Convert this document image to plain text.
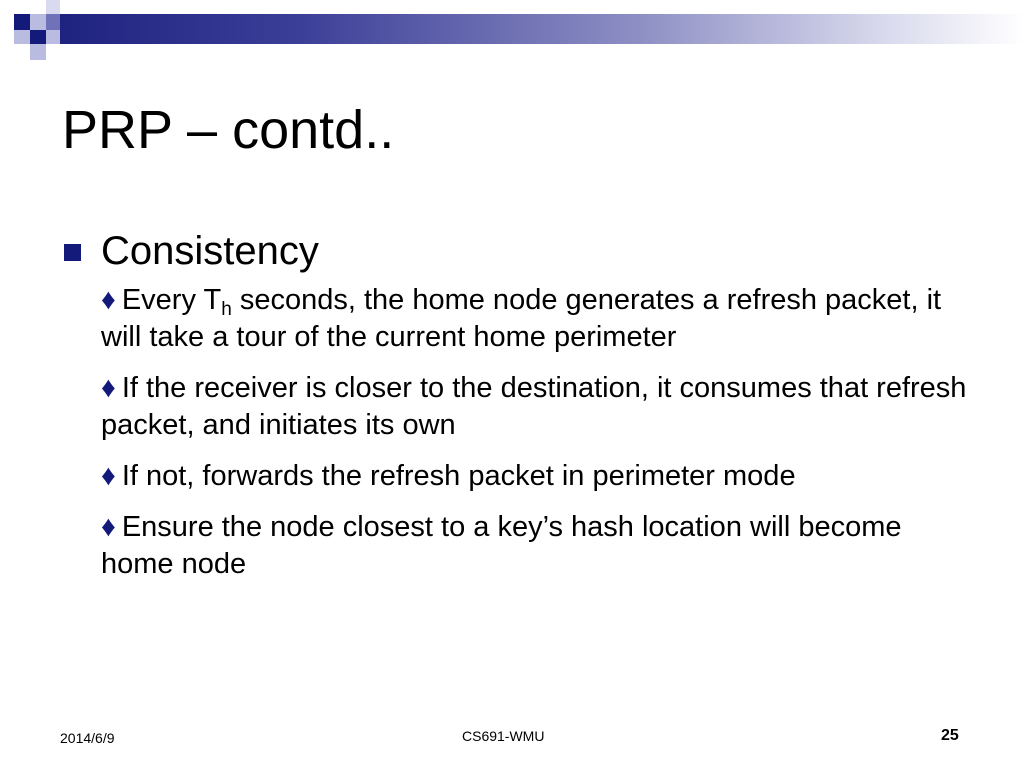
PRP – contd..
Consistency
♦ Every $T_h$ seconds, the home node generates a refresh packet, it will take a tour of the current home perimeter
♦ If the receiver is closer to the destination, it consumes that refresh packet, and initiates its own
♦ If not, forwards the refresh packet in perimeter mode
♦ Ensure the node closest to a key’s hash location will become home node
2014/6/9	CS691-WMU	25
